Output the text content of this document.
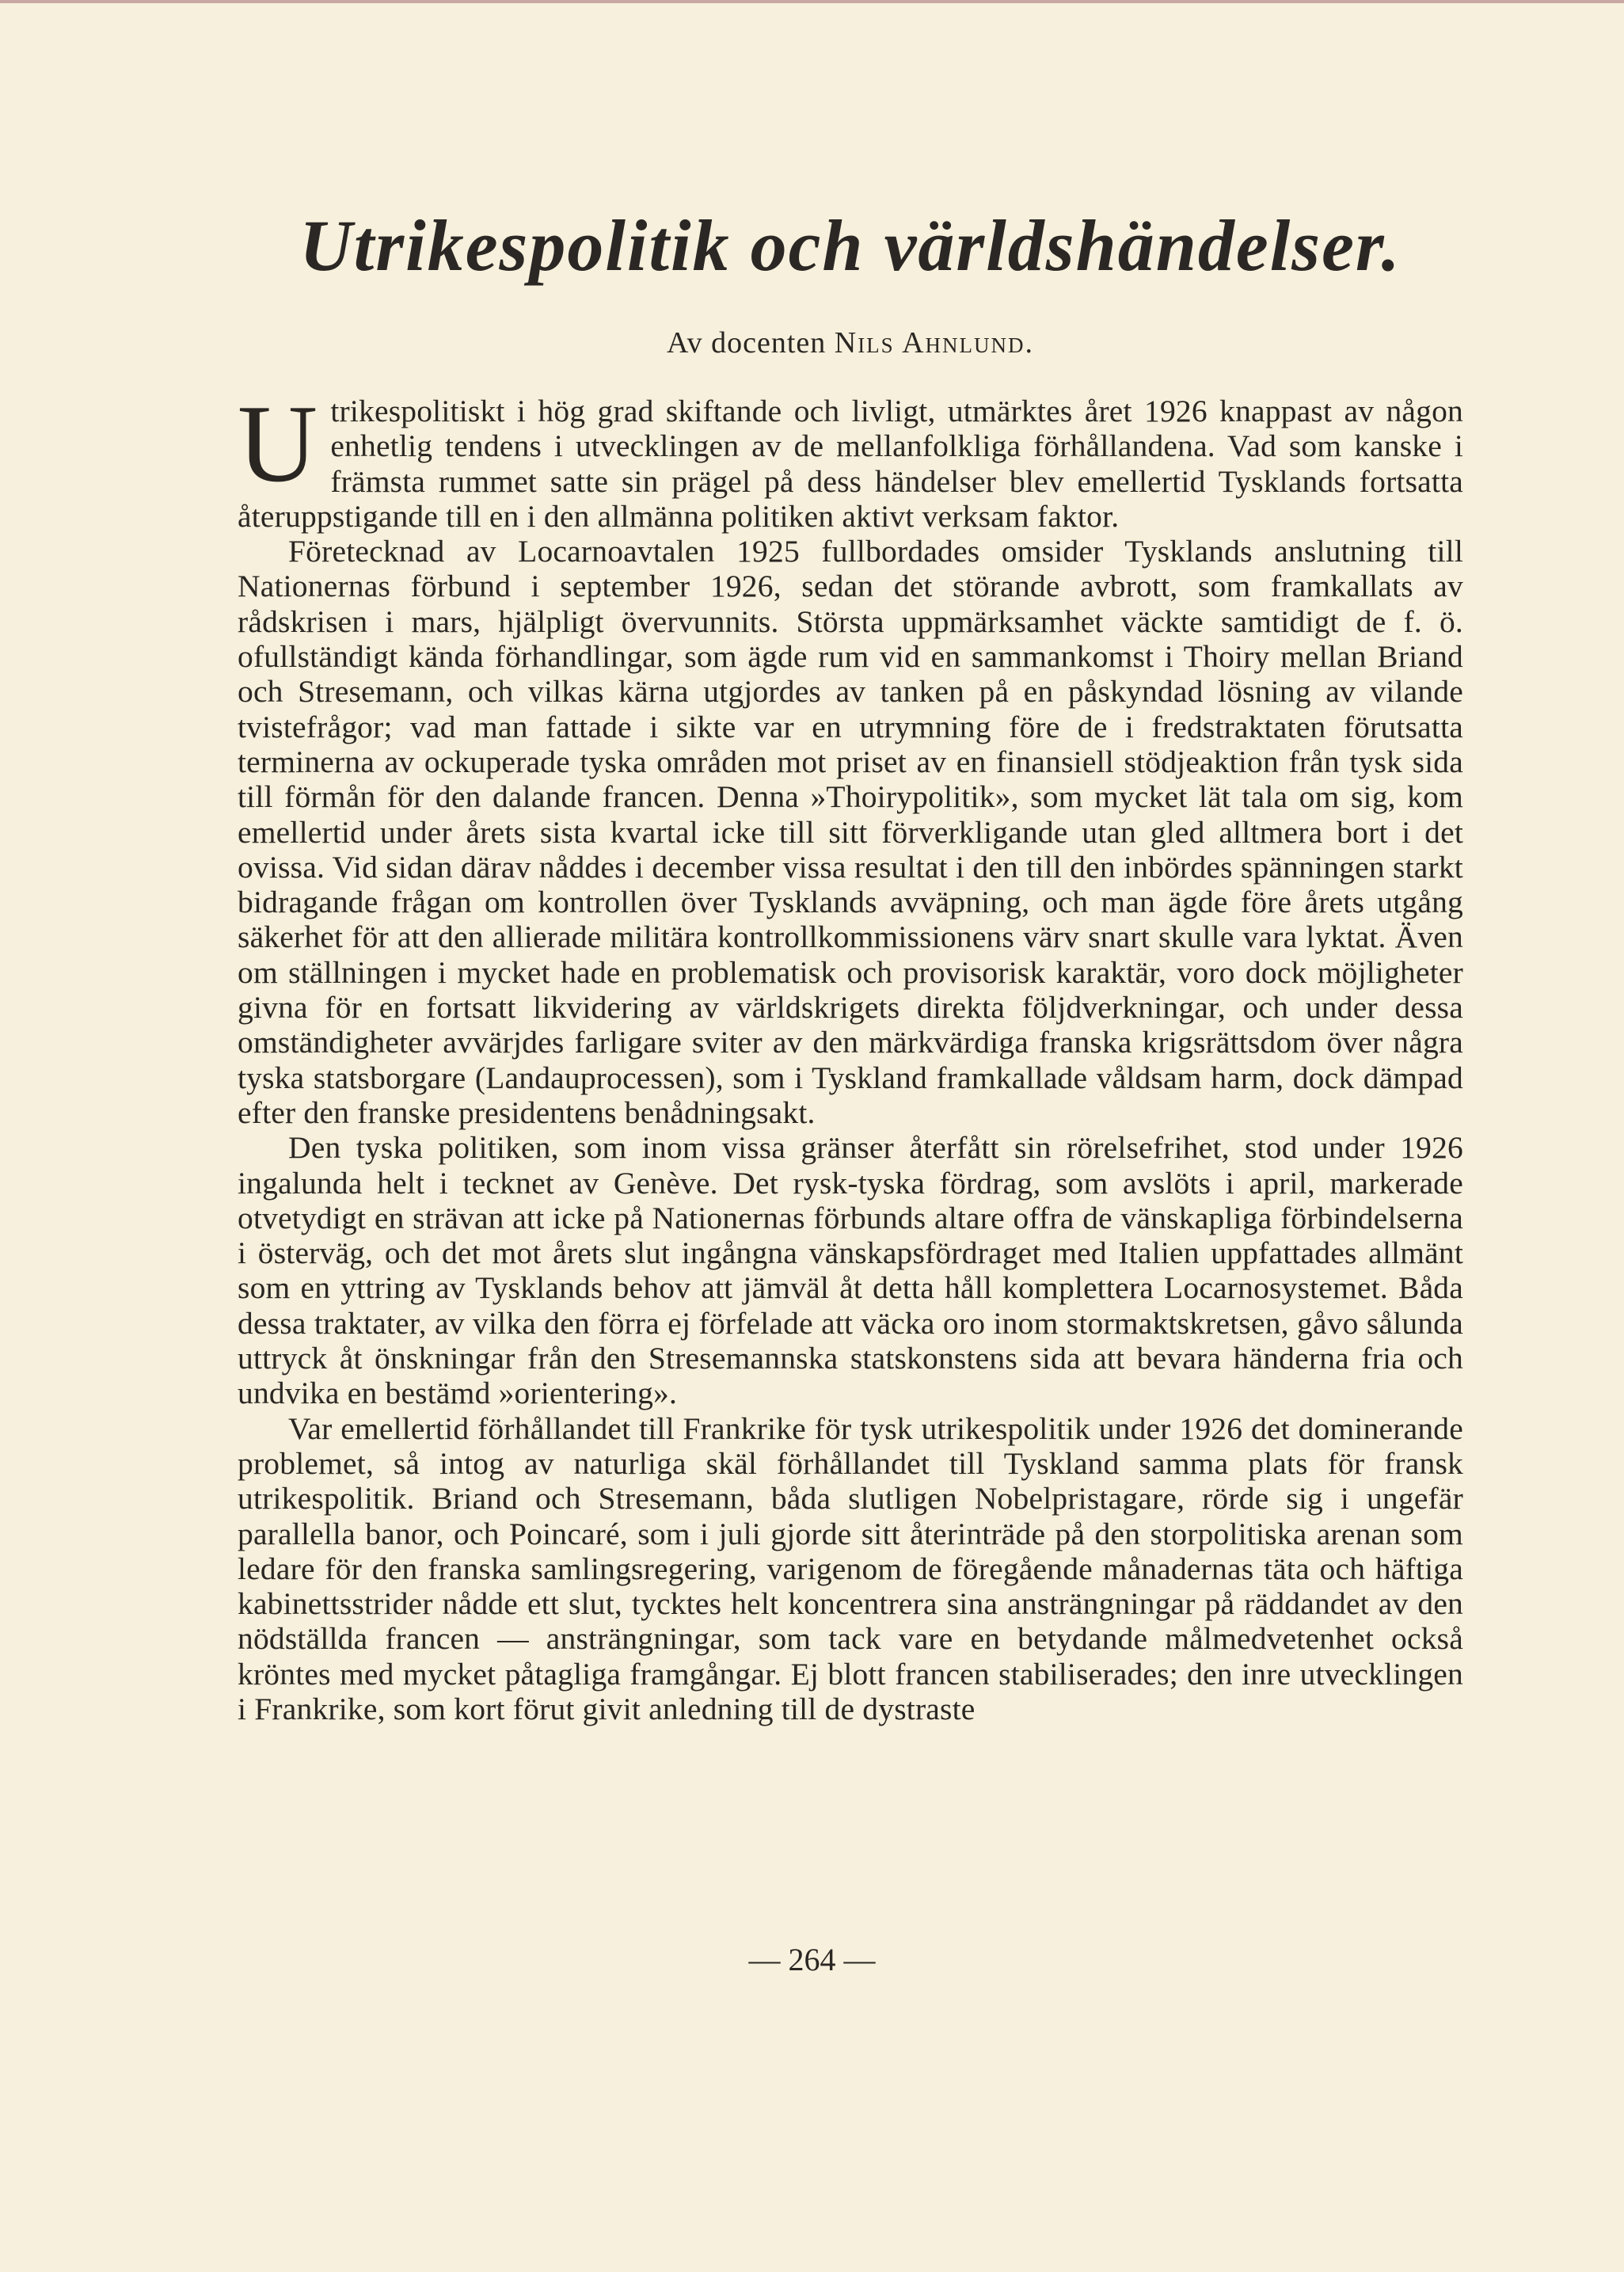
Utrikespolitik och världshändelser.
Av docenten Nils Ahnlund.

Utrikespolitiskt i hög grad skiftande och livligt, utmärktes året 1926 knappast av någon enhetlig tendens i utvecklingen av de mellanfolkliga förhållandena. Vad som kanske i främsta rummet satte sin prägel på dess händelser blev emellertid Tysklands fortsatta återuppstigande till en i den allmänna politiken aktivt verksam faktor.

Företecknad av Locarnoavtalen 1925 fullbordades omsider Tysklands anslutning till Nationernas förbund i september 1926, sedan det störande avbrott, som framkallats av rådskrisen i mars, hjälpligt övervunnits. Största uppmärksamhet väckte samtidigt de f. ö. ofullständigt kända förhandlingar, som ägde rum vid en sammankomst i Thoiry mellan Briand och Stresemann, och vilkas kärna utgjordes av tanken på en påskyndad lösning av vilande tvistefrågor; vad man fattade i sikte var en utrymning före de i fredstraktaten förutsatta terminerna av ockuperade tyska områden mot priset av en finansiell stödjeaktion från tysk sida till förmån för den dalande francen. Denna »Thoirypolitik», som mycket lät tala om sig, kom emellertid under årets sista kvartal icke till sitt förverkligande utan gled alltmera bort i det ovissa. Vid sidan därav nåddes i december vissa resultat i den till den inbördes spänningen starkt bidragande frågan om kontrollen över Tysklands avväpning, och man ägde före årets utgång säkerhet för att den allierade militära kontrollkommissionens värv snart skulle vara lyktat. Även om ställningen i mycket hade en problematisk och provisorisk karaktär, voro dock möjligheter givna för en fortsatt likvidering av världskrigets direkta följdverkningar, och under dessa omständigheter avvärjdes farligare sviter av den märkvärdiga franska krigsrättsdom över några tyska statsborgare (Landauprocessen), som i Tyskland framkallade våldsam harm, dock dämpad efter den franske presidentens benådningsakt.

Den tyska politiken, som inom vissa gränser återfått sin rörelsefrihet, stod under 1926 ingalunda helt i tecknet av Genève. Det rysk-tyska fördrag, som avslöts i april, markerade otvetydigt en strävan att icke på Nationernas förbunds altare offra de vänskapliga förbindelserna i österväg, och det mot årets slut ingångna vänskapsfördraget med Italien uppfattades allmänt som en yttring av Tysklands behov att jämväl åt detta håll komplettera Locarnosystemet. Båda dessa traktater, av vilka den förra ej förfelade att väcka oro inom stormaktskretsen, gåvo sålunda uttryck åt önskningar från den Stresemannska statskonstens sida att bevara händerna fria och undvika en bestämd »orientering».

Var emellertid förhållandet till Frankrike för tysk utrikespolitik under 1926 det dominerande problemet, så intog av naturliga skäl förhållandet till Tyskland samma plats för fransk utrikespolitik. Briand och Stresemann, båda slutligen Nobelpristagare, rörde sig i ungefär parallella banor, och Poincaré, som i juli gjorde sitt återinträde på den storpolitiska arenan som ledare för den franska samlingsregering, varigenom de föregående månadernas täta och häftiga kabinettsstrider nådde ett slut, tycktes helt koncentrera sina ansträngningar på räddandet av den nödställda francen — ansträngningar, som tack vare en betydande målmedvetenhet också kröntes med mycket påtagliga framgångar. Ej blott francen stabiliserades; den inre utvecklingen i Frankrike, som kort förut givit anledning till de dystraste

— 264 —
